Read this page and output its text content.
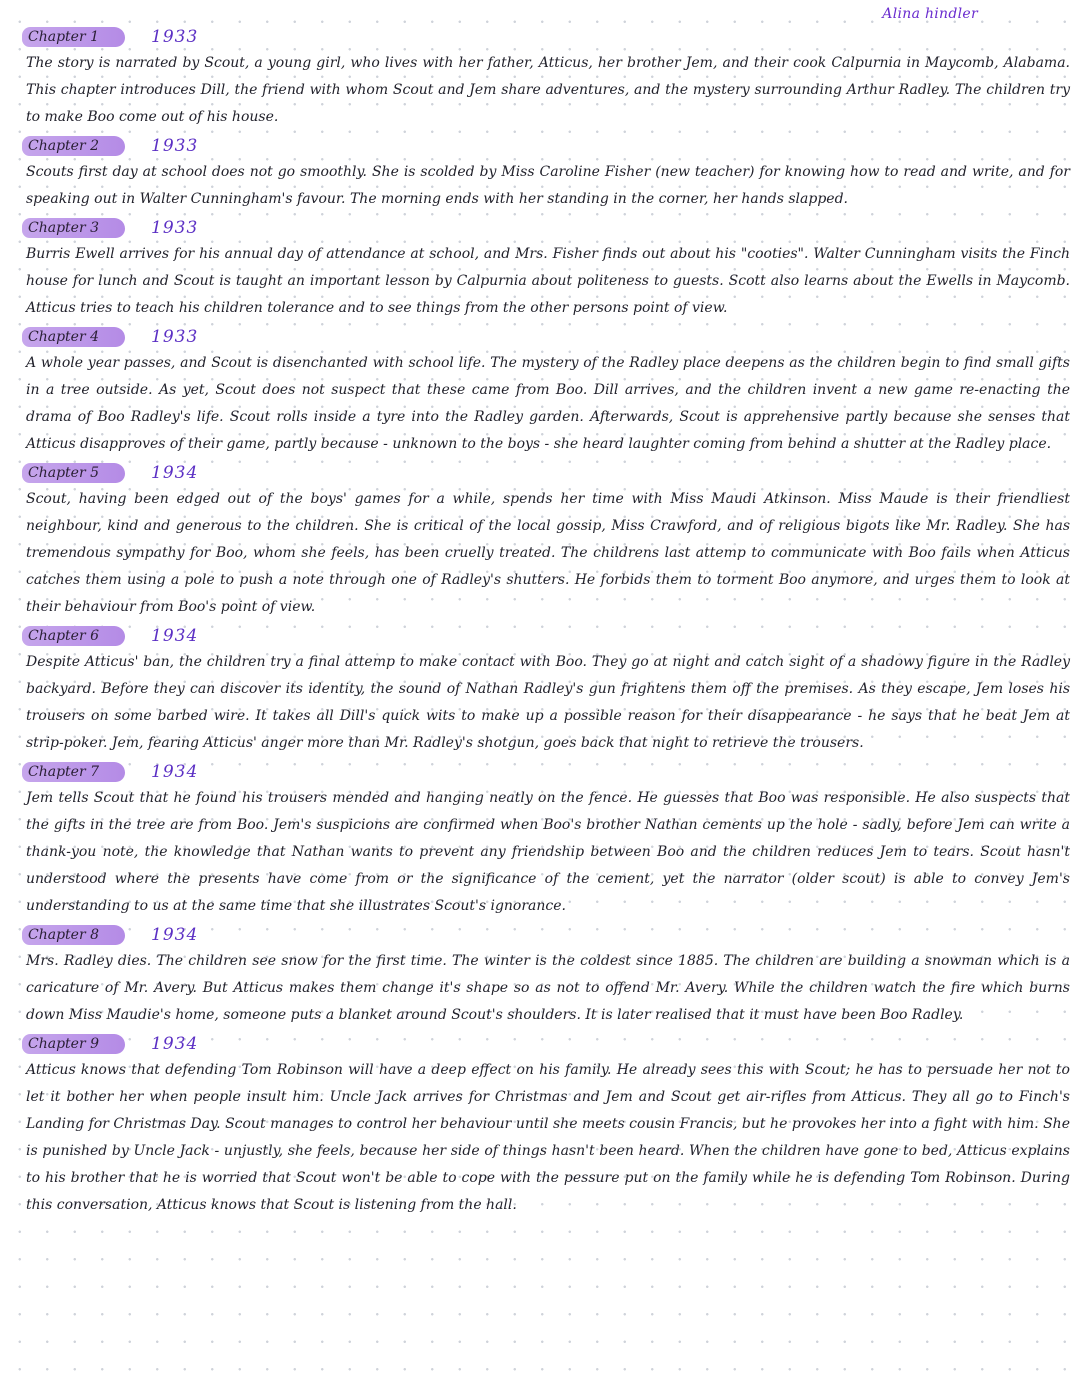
Alina hindler
Chapter 1	1933

The story is narrated by Scout, a young girl, who lives with her father, Atticus, her brother Jem, and their cook Calpurnia in Maycomb, Alabama. This chapter introduces Dill, the friend with whom Scout and Jem share adventures, and the mystery surrounding Arthur Radley. The children try to make Boo come out of his house.

Chapter 2	1933

Scouts first day at school does not go smoothly. She is scolded by Miss Caroline Fisher (new teacher) for knowing how to read and write, and for speaking out in Walter Cunningham's favour. The morning ends with her standing in the corner, her hands slapped.

Chapter 3	1933

Burris Ewell arrives for his annual day of attendance at school, and Mrs. Fisher finds out about his "cooties". Walter Cunningham visits the Finch house for lunch and Scout is taught an important lesson by Calpurnia about politeness to guests. Scott also learns about the Ewells in Maycomb. Atticus tries to teach his children tolerance and to see things from the other persons point of view.

Chapter 4	1933

A whole year passes, and Scout is disenchanted with school life. The mystery of the Radley place deepens as the children begin to find small gifts in a tree outside. As yet, Scout does not suspect that these came from Boo. Dill arrives, and the children invent a new game re-enacting the drama of Boo Radley's life. Scout rolls inside a tyre into the Radley garden. Afterwards, Scout is apprehensive partly because she senses that Atticus disapproves of their game, partly because - unknown to the boys - she heard laughter coming from behind a shutter at the Radley place.

Chapter 5	1934

Scout, having been edged out of the boys' games for a while, spends her time with Miss Maudi Atkinson. Miss Maude is their friendliest neighbour, kind and generous to the children. She is critical of the local gossip, Miss Crawford, and of religious bigots like Mr. Radley. She has tremendous sympathy for Boo, whom she feels, has been cruelly treated. The childrens last attemp to communicate with Boo fails when Atticus catches them using a pole to push a note through one of Radley's shutters. He forbids them to torment Boo anymore, and urges them to look at their behaviour from Boo's point of view.

Chapter 6	1934

Despite Atticus' ban, the children try a final attemp to make contact with Boo. They go at night and catch sight of a shadowy figure in the Radley backyard. Before they can discover its identity, the sound of Nathan Radley's gun frightens them off the premises. As they escape, Jem loses his trousers on some barbed wire. It takes all Dill's quick wits to make up a possible reason for their disappearance - he says that he beat Jem at strip-poker. Jem, fearing Atticus' anger more than Mr. Radley's shotgun, goes back that night to retrieve the trousers.

Chapter 7	1934

Jem tells Scout that he found his trousers mended and hanging neatly on the fence. He guesses that Boo was responsible. He also suspects that the gifts in the tree are from Boo. Jem's suspicions are confirmed when Boo's brother Nathan cements up the hole - sadly, before Jem can write a thank-you note, the knowledge that Nathan wants to prevent any friendship between Boo and the children reduces Jem to tears. Scout hasn't understood where the presents have come from or the significance of the cement, yet the narrator (older scout) is able to convey Jem's understanding to us at the same time that she illustrates Scout's ignorance.

Chapter 8	1934

Mrs. Radley dies. The children see snow for the first time. The winter is the coldest since 1885. The children are building a snowman which is a caricature of Mr. Avery. But Atticus makes them change it's shape so as not to offend Mr. Avery. While the children watch the fire which burns down Miss Maudie's home, someone puts a blanket around Scout's shoulders. It is later realised that it must have been Boo Radley.

Chapter 9	1934

Atticus knows that defending Tom Robinson will have a deep effect on his family. He already sees this with Scout; he has to persuade her not to let it bother her when people insult him. Uncle Jack arrives for Christmas and Jem and Scout get air-rifles from Atticus. They all go to Finch's Landing for Christmas Day. Scout manages to control her behaviour until she meets cousin Francis, but he provokes her into a fight with him. She is punished by Uncle Jack - unjustly, she feels, because her side of things hasn't been heard. When the children have gone to bed, Atticus explains to his brother that he is worried that Scout won't be able to cope with the pessure put on the family while he is defending Tom Robinson. During this conversation, Atticus knows that Scout is listening from the hall.
